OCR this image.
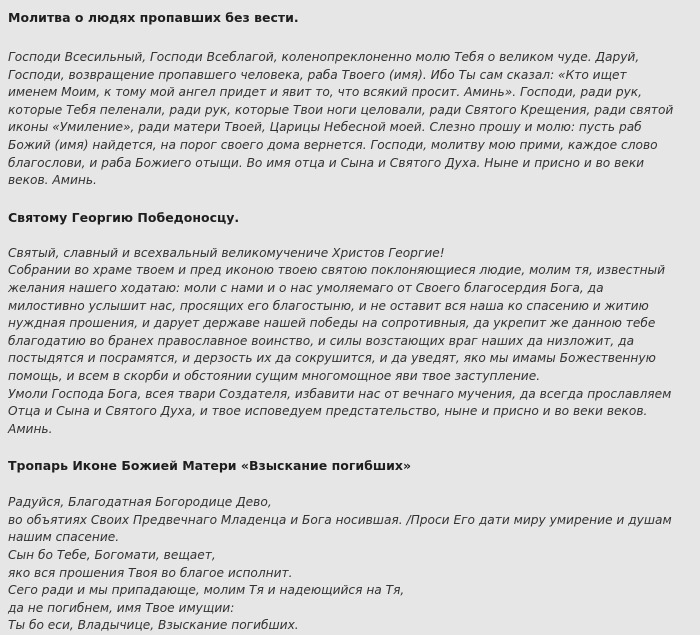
Молитва о людях пропавших без вести.
Господи Всесильный, Господи Всеблагой, коленопреклоненно молю Тебя о великом чуде. Даруй,
Господи, возвращение пропавшего человека, раба Твоего (имя). Ибо Ты сам сказал: «Кто ищет
именем Моим, к тому мой ангел придет и явит то, что всякий просит. Аминь». Господи, ради рук,
которые Тебя пеленали, ради рук, которые Твои ноги целовали, ради Святого Крещения, ради святой
иконы «Умиление», ради матери Твоей, Царицы Небесной моей. Слезно прошу и молю: пусть раб
Божий (имя) найдется, на порог своего дома вернется. Господи, молитву мою прими, каждое слово
благослови, и раба Божиего отыщи. Во имя отца и Сына и Святого Духа. Ныне и присно и во веки
веков. Аминь.
Святому Георгию Победоносцу.
Святый, славный и всехвальный великомучениче Христов Георгие!
Собрании во храме твоем и пред иконою твоею святою поклоняющиеся людие, молим тя, известный
желания нашего ходатаю: моли с нами и о нас умоляемаго от Своего благосердия Бога, да
милостивно услышит нас, просящих его благостыню, и не оставит вся наша ко спасению и житию
нуждная прошения, и дарует державе нашей победы на сопротивныя, да укрепит же данною тебе
благодатию во бранех православное воинство, и силы возстающих враг наших да низложит, да
постыдятся и посрамятся, и дерзость их да сокрушится, и да уведят, яко мы имамы Божественную
помощь, и всем в скорби и обстоянии сущим многомощное яви твое заступление.
Умоли Господа Бога, всея твари Создателя, избавити нас от вечнаго мучения, да всегда прославляем
Отца и Сына и Святого Духа, и твое исповедуем предстательство, ныне и присно и во веки веков.
Аминь.
Тропарь Иконе Божией Матери «Взыскание погибших»
Радуйся, Благодатная Богородице Дево,
во объятиях Своих Предвечнаго Младенца и Бога носившая. /Проси Его дати миру умирение и душам
нашим спасение.
Сын бо Тебе, Богомати, вещает,
яко вся прошения Твоя во благое исполнит.
Сего ради и мы припадающе, молим Тя и надеющийся на Тя,
да не погибнем, имя Твое имущии:
Ты бо еси, Владычице, Взыскание погибших.
